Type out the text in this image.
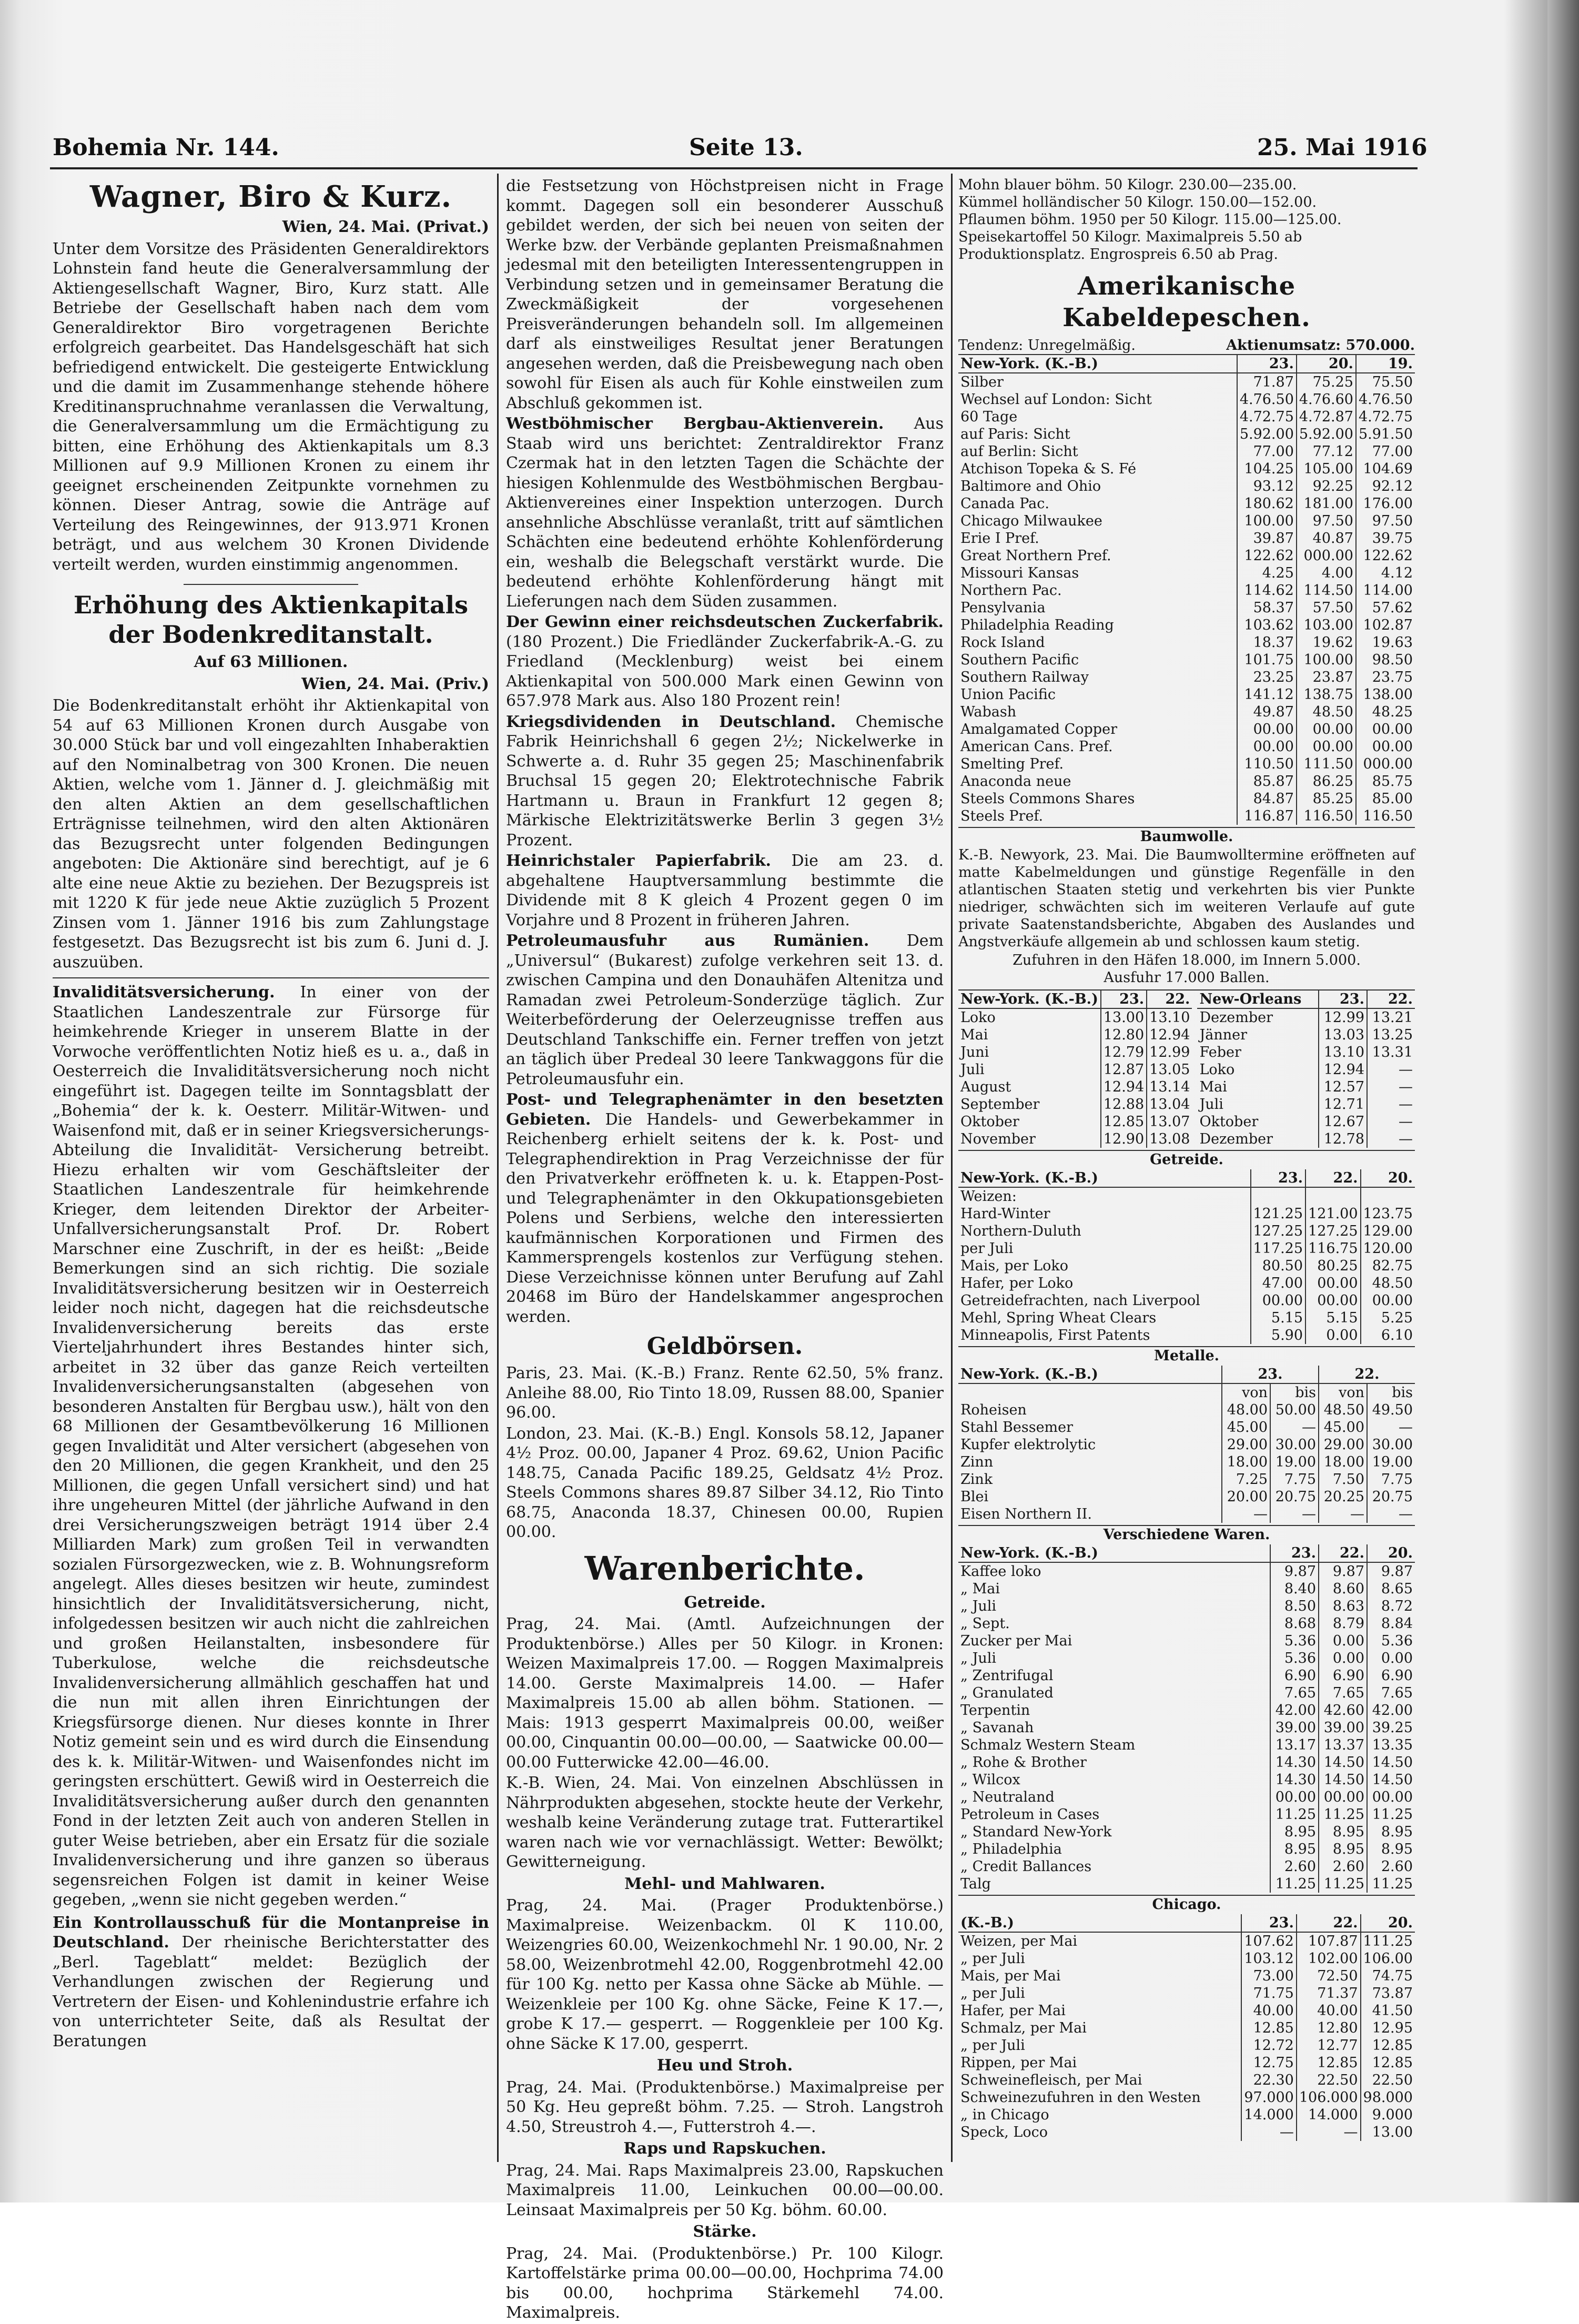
Bohemia Nr. 144.	Seite 13.	25. Mai 1916
Wagner, Biro & Kurz.

Wien, 24. Mai. (Privat.)

Unter dem Vorsitze des Präsidenten Generaldirektors Lohnstein fand heute die Generalversammlung der Aktiengesellschaft Wagner, Biro, Kurz statt. Alle Betriebe der Gesellschaft haben nach dem vom Generaldirektor Biro vorgetragenen Berichte erfolgreich gearbeitet. Das Handelsgeschäft hat sich befriedigend entwickelt. Die gesteigerte Entwicklung und die damit im Zusammenhange stehende höhere Kreditinanspruchnahme veranlassen die Verwaltung, die Generalversammlung um die Ermächtigung zu bitten, eine Erhöhung des Aktienkapitals um 8.3 Millionen auf 9.9 Millionen Kronen zu einem ihr geeignet erscheinenden Zeitpunkte vornehmen zu können. Dieser Antrag, sowie die Anträge auf Verteilung des Reingewinnes, der 913.971 Kronen beträgt, und aus welchem 30 Kronen Dividende verteilt werden, wurden einstimmig angenommen.

Erhöhung des Aktienkapitals der Bodenkreditanstalt.
Auf 63 Millionen.

Wien, 24. Mai. (Priv.)

Die Bodenkreditanstalt erhöht ihr Aktienkapital von 54 auf 63 Millionen Kronen durch Ausgabe von 30.000 Stück bar und voll eingezahlten Inhaberaktien auf den Nominalbetrag von 300 Kronen. Die neuen Aktien, welche vom 1. Jänner d. J. gleichmäßig mit den alten Aktien an dem gesellschaftlichen Erträgnisse teilnehmen, wird den alten Aktionären das Bezugsrecht unter folgenden Bedingungen angeboten: Die Aktionäre sind berechtigt, auf je 6 alte eine neue Aktie zu beziehen. Der Bezugspreis ist mit 1220 K für jede neue Aktie zuzüglich 5 Prozent Zinsen vom 1. Jänner 1916 bis zum Zahlungstage festgesetzt. Das Bezugsrecht ist bis zum 6. Juni d. J. auszuüben.

Invaliditätsversicherung. In einer von der Staatlichen Landeszentrale zur Fürsorge für heimkehrende Krieger in unserem Blatte in der Vorwoche veröffentlichten Notiz hieß es u. a., daß in Oesterreich die Invaliditätsversicherung noch nicht eingeführt ist. Dagegen teilte im Sonntagsblatt der „Bohemia“ der k. k. Oesterr. Militär-Witwen- und Waisenfond mit, daß er in seiner Kriegsversicherungs-Abteilung die Invalidität- Versicherung betreibt. Hiezu erhalten wir vom Geschäftsleiter der Staatlichen Landeszentrale für heimkehrende Krieger, dem leitenden Direktor der Arbeiter-Unfallversicherungsanstalt Prof. Dr. Robert Marschner eine Zuschrift, in der es heißt: „Beide Bemerkungen sind an sich richtig. Die soziale Invaliditätsversicherung besitzen wir in Oesterreich leider noch nicht, dagegen hat die reichsdeutsche Invalidenversicherung bereits das erste Vierteljahrhundert ihres Bestandes hinter sich, arbeitet in 32 über das ganze Reich verteilten Invalidenversicherungsanstalten (abgesehen von besonderen Anstalten für Bergbau usw.), hält von den 68 Millionen der Gesamtbevölkerung 16 Millionen gegen Invalidität und Alter versichert (abgesehen von den 20 Millionen, die gegen Krankheit, und den 25 Millionen, die gegen Unfall versichert sind) und hat ihre ungeheuren Mittel (der jährliche Aufwand in den drei Versicherungszweigen beträgt 1914 über 2.4 Milliarden Mark) zum großen Teil in verwandten sozialen Fürsorgezwecken, wie z. B. Wohnungsreform angelegt. Alles dieses besitzen wir heute, zumindest hinsichtlich der Invaliditätsversicherung, nicht, infolgedessen besitzen wir auch nicht die zahlreichen und großen Heilanstalten, insbesondere für Tuberkulose, welche die reichsdeutsche Invalidenversicherung allmählich geschaffen hat und die nun mit allen ihren Einrichtungen der Kriegsfürsorge dienen. Nur dieses konnte in Ihrer Notiz gemeint sein und es wird durch die Einsendung des k. k. Militär-Witwen- und Waisenfondes nicht im geringsten erschüttert. Gewiß wird in Oesterreich die Invaliditätsversicherung außer durch den genannten Fond in der letzten Zeit auch von anderen Stellen in guter Weise betrieben, aber ein Ersatz für die soziale Invalidenversicherung und ihre ganzen so überaus segensreichen Folgen ist damit in keiner Weise gegeben, „wenn sie nicht gegeben werden.“

Ein Kontrollausschuß für die Montanpreise in Deutschland. Der rheinische Berichterstatter des „Berl. Tageblatt“ meldet: Bezüglich der Verhandlungen zwischen der Regierung und Vertretern der Eisen- und Kohlenindustrie erfahre ich von unterrichteter Seite, daß als Resultat der Beratungen

die Festsetzung von Höchstpreisen nicht in Frage kommt. Dagegen soll ein besonderer Ausschuß gebildet werden, der sich bei neuen von seiten der Werke bzw. der Verbände geplanten Preismaßnahmen jedesmal mit den beteiligten Interessentengruppen in Verbindung setzen und in gemeinsamer Beratung die Zweckmäßigkeit der vorgesehenen Preisveränderungen behandeln soll. Im allgemeinen darf als einstweiliges Resultat jener Beratungen angesehen werden, daß die Preisbewegung nach oben sowohl für Eisen als auch für Kohle einstweilen zum Abschluß gekommen ist.

Westböhmischer Bergbau-Aktienverein. Aus Staab wird uns berichtet: Zentraldirektor Franz Czermak hat in den letzten Tagen die Schächte der hiesigen Kohlenmulde des Westböhmischen Bergbau-Aktienvereines einer Inspektion unterzogen. Durch ansehnliche Abschlüsse veranlaßt, tritt auf sämtlichen Schächten eine bedeutend erhöhte Kohlenförderung ein, weshalb die Belegschaft verstärkt wurde. Die bedeutend erhöhte Kohlenförderung hängt mit Lieferungen nach dem Süden zusammen.

Der Gewinn einer reichsdeutschen Zuckerfabrik. (180 Prozent.) Die Friedländer Zuckerfabrik-A.-G. zu Friedland (Mecklenburg) weist bei einem Aktienkapital von 500.000 Mark einen Gewinn von 657.978 Mark aus. Also 180 Prozent rein!

Kriegsdividenden in Deutschland. Chemische Fabrik Heinrichshall 6 gegen 2½; Nickelwerke in Schwerte a. d. Ruhr 35 gegen 25; Maschinenfabrik Bruchsal 15 gegen 20; Elektrotechnische Fabrik Hartmann u. Braun in Frankfurt 12 gegen 8; Märkische Elektrizitätswerke Berlin 3 gegen 3½ Prozent.

Heinrichstaler Papierfabrik. Die am 23. d. abgehaltene Hauptversammlung bestimmte die Dividende mit 8 K gleich 4 Prozent gegen 0 im Vorjahre und 8 Prozent in früheren Jahren.

Petroleumausfuhr aus Rumänien. Dem „Universul“ (Bukarest) zufolge verkehren seit 13. d. zwischen Campina und den Donauhäfen Altenitza und Ramadan zwei Petroleum-Sonderzüge täglich. Zur Weiterbeförderung der Oelerzeugnisse treffen aus Deutschland Tankschiffe ein. Ferner treffen von jetzt an täglich über Predeal 30 leere Tankwaggons für die Petroleumausfuhr ein.

Post- und Telegraphenämter in den besetzten Gebieten. Die Handels- und Gewerbekammer in Reichenberg erhielt seitens der k. k. Post- und Telegraphendirektion in Prag Verzeichnisse der für den Privatverkehr eröffneten k. u. k. Etappen-Post- und Telegraphenämter in den Okkupationsgebieten Polens und Serbiens, welche den interessierten kaufmännischen Korporationen und Firmen des Kammersprengels kostenlos zur Verfügung stehen. Diese Verzeichnisse können unter Berufung auf Zahl 20468 im Büro der Handelskammer angesprochen werden.

Geldbörsen.

Paris, 23. Mai. (K.-B.) Franz. Rente 62.50, 5% franz. Anleihe 88.00, Rio Tinto 18.09, Russen 88.00, Spanier 96.00.

London, 23. Mai. (K.-B.) Engl. Konsols 58.12, Japaner 4½ Proz. 00.00, Japaner 4 Proz. 69.62, Union Pacific 148.75, Canada Pacific 189.25, Geldsatz 4½ Proz. Steels Commons shares 89.87 Silber 34.12, Rio Tinto 68.75, Anaconda 18.37, Chinesen 00.00, Rupien 00.00.

Warenberichte.
Getreide.

Prag, 24. Mai. (Amtl. Aufzeichnungen der Produktenbörse.) Alles per 50 Kilogr. in Kronen: Weizen Maximalpreis 17.00. — Roggen Maximalpreis 14.00. Gerste Maximalpreis 14.00. — Hafer Maximalpreis 15.00 ab allen böhm. Stationen. — Mais: 1913 gesperrt Maximalpreis 00.00, weißer 00.00, Cinquantin 00.00—00.00, — Saatwicke 00.00—00.00 Futterwicke 42.00—46.00.

K.-B. Wien, 24. Mai. Von einzelnen Abschlüssen in Nährprodukten abgesehen, stockte heute der Verkehr, weshalb keine Veränderung zutage trat. Futterartikel waren nach wie vor vernachlässigt. Wetter: Bewölkt; Gewitterneigung.

Mehl- und Mahlwaren.

Prag, 24. Mai. (Prager Produktenbörse.) Maximalpreise. Weizenbackm. 0l K 110.00, Weizengries 60.00, Weizenkochmehl Nr. 1 90.00, Nr. 2 58.00, Weizenbrotmehl 42.00, Roggenbrotmehl 42.00 für 100 Kg. netto per Kassa ohne Säcke ab Mühle. — Weizenkleie per 100 Kg. ohne Säcke, Feine K 17.—, grobe K 17.— gesperrt. — Roggenkleie per 100 Kg. ohne Säcke K 17.00, gesperrt.

Heu und Stroh.

Prag, 24. Mai. (Produktenbörse.) Maximalpreise per 50 Kg. Heu gepreßt böhm. 7.25. — Stroh. Langstroh 4.50, Streustroh 4.—, Futterstroh 4.—.

Raps und Rapskuchen.

Prag, 24. Mai. Raps Maximalpreis 23.00, Rapskuchen Maximalpreis 11.00, Leinkuchen 00.00—00.00. Leinsaat Maximalpreis per 50 Kg. böhm. 60.00.

Stärke.

Prag, 24. Mai. (Produktenbörse.) Pr. 100 Kilogr. Kartoffelstärke prima 00.00—00.00, Hochprima 74.00 bis 00.00, hochprima Stärkemehl 74.00. Maximalpreis.

Mohn blauer böhm. 50 Kilogr. 230.00—235.00.
Kümmel holländischer 50 Kilogr. 150.00—152.00.
Pflaumen böhm. 1950 per 50 Kilogr. 115.00—125.00.
Speisekartoffel 50 Kilogr. Maximalpreis 5.50 ab
Produktionsplatz. Engrospreis 6.50 ab Prag.
Amerikanische Kabeldepeschen.
Tendenz: Unregelmäßig.	Aktienumsatz: 570.000.
New-York. (K.-B.)	23.	20.	19.
Silber	71.87	75.25	75.50
Wechsel auf London: Sicht	4.76.50	4.76.60	4.76.50
60 Tage	4.72.75	4.72.87	4.72.75
auf Paris: Sicht	5.92.00	5.92.00	5.91.50
auf Berlin: Sicht	77.00	77.12	77.00
Atchison Topeka & S. Fé	104.25	105.00	104.69
Baltimore and Ohio	93.12	92.25	92.12
Canada Pac.	180.62	181.00	176.00
Chicago Milwaukee	100.00	97.50	97.50
Erie I Pref.	39.87	40.87	39.75
Great Northern Pref.	122.62	000.00	122.62
Missouri Kansas	4.25	4.00	4.12
Northern Pac.	114.62	114.50	114.00
Pensylvania	58.37	57.50	57.62
Philadelphia Reading	103.62	103.00	102.87
Rock Island	18.37	19.62	19.63
Southern Pacific	101.75	100.00	98.50
Southern Railway	23.25	23.87	23.75
Union Pacific	141.12	138.75	138.00
Wabash	49.87	48.50	48.25
Amalgamated Copper	00.00	00.00	00.00
American Cans. Pref.	00.00	00.00	00.00
Smelting Pref.	110.50	111.50	000.00
Anaconda neue	85.87	86.25	85.75
Steels Commons Shares	84.87	85.25	85.00
Steels Pref.	116.87	116.50	116.50
Baumwolle.

K.-B. Newyork, 23. Mai. Die Baumwolltermine eröffneten auf matte Kabelmeldungen und günstige Regenfälle in den atlantischen Staaten stetig und verkehrten bis vier Punkte niedriger, schwächten sich im weiteren Verlaufe auf gute private Saatenstandsberichte, Abgaben des Auslandes und Angstverkäufe allgemein ab und schlossen kaum stetig.

Zufuhren in den Häfen 18.000, im Innern 5.000.

Ausfuhr 17.000 Ballen.

New-York. (K.-B.)	23.	22.
Loko	13.00	13.10
Mai	12.80	12.94
Juni	12.79	12.99
Juli	12.87	13.05
August	12.94	13.14
September	12.88	13.04
Oktober	12.85	13.07
November	12.90	13.08
New-Orleans	23.	22.
Dezember	12.99	13.21
Jänner	13.03	13.25
Feber	13.10	13.31
Loko	12.94	—
Mai	12.57	—
Juli	12.71	—
Oktober	12.67	—
Dezember	12.78	—
Getreide.
New-York. (K.-B.)	23.	22.	20.
Weizen:			
Hard-Winter	121.25	121.00	123.75
Northern-Duluth	127.25	127.25	129.00
per Juli	117.25	116.75	120.00
Mais, per Loko	80.50	80.25	82.75
Hafer, per Loko	47.00	00.00	48.50
Getreidefrachten, nach Liverpool	00.00	00.00	00.00
Mehl, Spring Wheat Clears	5.15	5.15	5.25
Minneapolis, First Patents	5.90	0.00	6.10
Metalle.
New-York. (K.-B.)	23.		22.	
	von	bis	von	bis
Roheisen	48.00	50.00	48.50	49.50
Stahl Bessemer	45.00	—	45.00	—
Kupfer elektrolytic	29.00	30.00	29.00	30.00
Zinn	18.00	19.00	18.00	19.00
Zink	7.25	7.75	7.50	7.75
Blei	20.00	20.75	20.25	20.75
Eisen Northern II.	—	—	—	—
Verschiedene Waren.
New-York. (K.-B.)	23.	22.	20.
Kaffee loko	9.87	9.87	9.87
„ Mai	8.40	8.60	8.65
„ Juli	8.50	8.63	8.72
„ Sept.	8.68	8.79	8.84
Zucker per Mai	5.36	0.00	5.36
„ Juli	5.36	0.00	0.00
„ Zentrifugal	6.90	6.90	6.90
„ Granulated	7.65	7.65	7.65
Terpentin	42.00	42.60	42.00
„ Savanah	39.00	39.00	39.25
Schmalz Western Steam	13.17	13.37	13.35
„ Rohe & Brother	14.30	14.50	14.50
„ Wilcox	14.30	14.50	14.50
„ Neutraland	00.00	00.00	00.00
Petroleum in Cases	11.25	11.25	11.25
„ Standard New-York	8.95	8.95	8.95
„ Philadelphia	8.95	8.95	8.95
„ Credit Ballances	2.60	2.60	2.60
Talg	11.25	11.25	11.25
Chicago.
(K.-B.)	23.	22.	20.
Weizen, per Mai	107.62	107.87	111.25
„ per Juli	103.12	102.00	106.00
Mais, per Mai	73.00	72.50	74.75
„ per Juli	71.75	71.37	73.87
Hafer, per Mai	40.00	40.00	41.50
Schmalz, per Mai	12.85	12.80	12.95
„ per Juli	12.72	12.77	12.85
Rippen, per Mai	12.75	12.85	12.85
Schweinefleisch, per Mai	22.30	22.50	22.50
Schweinezufuhren in den Westen	97.000	106.000	98.000
„ in Chicago	14.000	14.000	9.000
Speck, Loco	—	—	13.00
